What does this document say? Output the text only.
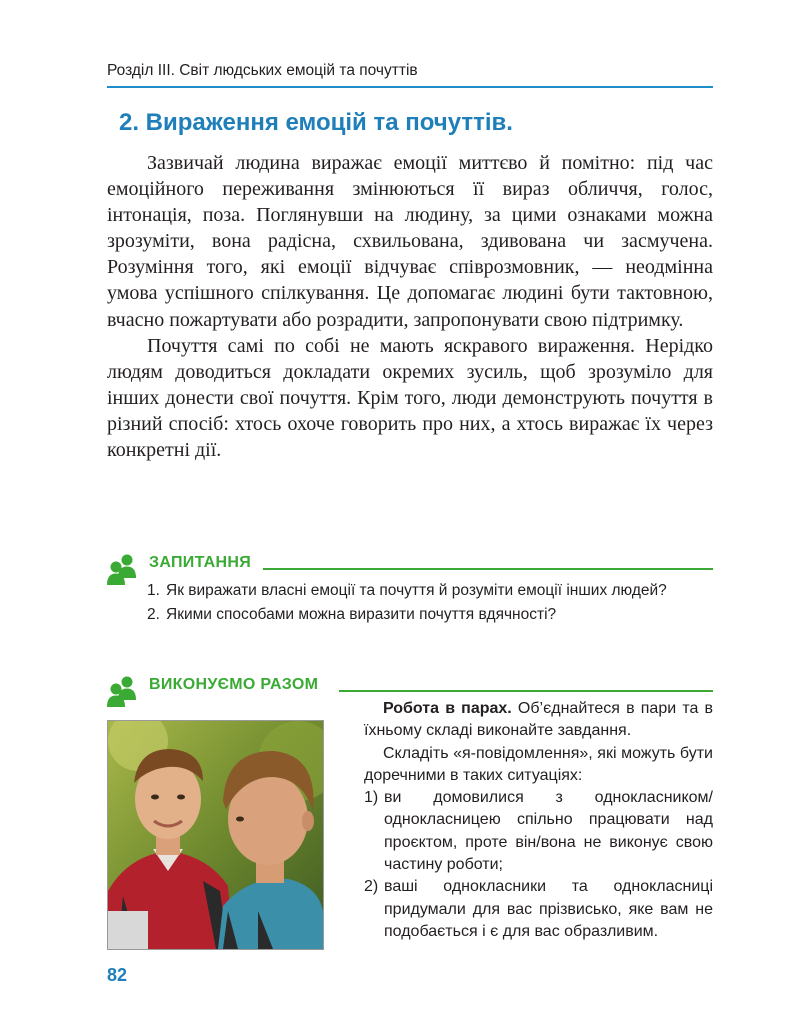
Розділ ІІІ. Світ людських емоцій та почуттів
2. Вираження емоцій та почуттів.

Зазвичай людина виражає емоції миттєво й помітно: під час емоційного переживання змінюються її вираз обличчя, голос, інтонація, поза. Поглянувши на людину, за цими ознаками можна зрозуміти, вона радісна, схвильована, здивована чи засмучена. Розуміння того, які емоції відчуває співрозмовник, — неодмінна умова успішного спілкування. Це допомагає людині бути тактовною, вчасно пожартувати або розрадити, запропонувати свою підтримку.

Почуття самі по собі не мають яскравого вираження. Нерідко людям доводиться докладати окремих зусиль, щоб зрозуміло для інших донести свої почуття. Крім того, люди демонструють почуття в різний спосіб: хтось охоче говорить про них, а хтось виражає їх через конкретні дії.

ЗАПИТАННЯ

1. Як виражати власні емоції та почуття й розуміти емоції інших людей?

2. Якими способами можна виразити почуття вдячності?

ВИКОНУЄМО РАЗОМ

Робота в парах. Об’єднайтеся в пари та в їхньому складі виконайте завдання.

Складіть «я-повідомлення», які можуть бути доречними в таких ситуаціях:

1) ви домовилися з однокласником/однокласницею спільно працювати над проєктом, проте він/вона не виконує свою частину роботи;

2) ваші однокласники та однокласниці придумали для вас прізвисько, яке вам не подобається і є для вас образливим.

82
